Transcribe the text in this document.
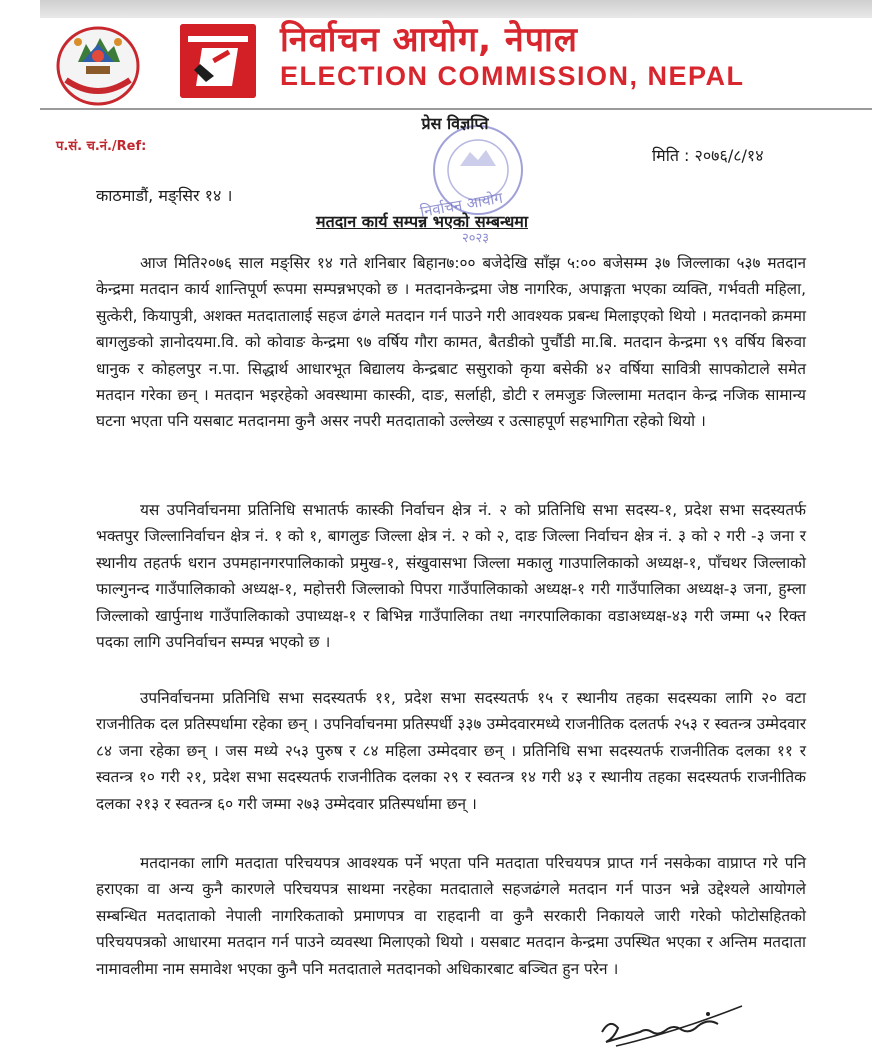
निर्वाचन आयोग, नेपाल
ELECTION COMMISSION, NEPAL
निर्वाचन आयोग
२०२३
प.सं. च.नं./Ref:
प्रेस विज्ञप्ति
मिति : २०७६/८/१४
काठमाडौं, मङ्सिर १४ ।
मतदान कार्य सम्पन्न भएको सम्बन्धमा

आज मिति२०७६ साल मङ्सिर १४ गते शनिबार बिहान७:०० बजेदेखि साँझ ५:०० बजेसम्म ३७ जिल्लाका ५३७ मतदान केन्द्रमा मतदान कार्य शान्तिपूर्ण रूपमा सम्पन्नभएको छ । मतदानकेन्द्रमा जेष्ठ नागरिक, अपाङ्गता भएका व्यक्ति, गर्भवती महिला, सुत्केरी, कियापुत्री, अशक्त मतदातालाई सहज ढंगले मतदान गर्न पाउने गरी आवश्यक प्रबन्ध मिलाइएको थियो । मतदानको क्रममा बागलुङको ज्ञानोदयमा.वि. को कोवाङ केन्द्रमा ९७ वर्षिय गौरा कामत, बैतडीको पुर्चौडी मा.बि. मतदान केन्द्रमा ९९ वर्षिय बिरुवा धानुक र कोहलपुर न.पा. सिद्धार्थ आधारभूत बिद्यालय केन्द्रबाट ससुराको कृया बसेकी ४२ वर्षिया सावित्री सापकोटाले समेत मतदान गरेका छन् । मतदान भइरहेको अवस्थामा कास्की, दाङ, सर्लाही, डोटी र लमजुङ जिल्लामा मतदान केन्द्र नजिक सामान्य घटना भएता पनि यसबाट मतदानमा कुनै असर नपरी मतदाताको उल्लेख्य र उत्साहपूर्ण सहभागिता रहेको थियो ।

यस उपनिर्वाचनमा प्रतिनिधि सभातर्फ कास्की निर्वाचन क्षेत्र नं. २ को प्रतिनिधि सभा सदस्य-१, प्रदेश सभा सदस्यतर्फ भक्तपुर जिल्लानिर्वाचन क्षेत्र नं. १ को १, बागलुङ जिल्ला क्षेत्र नं. २ को २, दाङ जिल्ला निर्वाचन क्षेत्र नं. ३ को २ गरी -३ जना र स्थानीय तहतर्फ धरान उपमहानगरपालिकाको प्रमुख-१, संखुवासभा जिल्ला मकालु गाउपालिकाको अध्यक्ष-१, पाँचथर जिल्लाको फाल्गुनन्द गाउँपालिकाको अध्यक्ष-१, महोत्तरी जिल्लाको पिपरा गाउँपालिकाको अध्यक्ष-१ गरी गाउँपालिका अध्यक्ष-३ जना, हुम्ला जिल्लाको खार्पुनाथ गाउँपालिकाको उपाध्यक्ष-१ र बिभिन्न गाउँपालिका तथा नगरपालिकाका वडाअध्यक्ष-४३ गरी जम्मा ५२ रिक्त पदका लागि उपनिर्वाचन सम्पन्न भएको छ ।

उपनिर्वाचनमा प्रतिनिधि सभा सदस्यतर्फ ११, प्रदेश सभा सदस्यतर्फ १५ र स्थानीय तहका सदस्यका लागि २० वटा राजनीतिक दल प्रतिस्पर्धामा रहेका छन् । उपनिर्वाचनमा प्रतिस्पर्धी ३३७ उम्मेदवारमध्ये राजनीतिक दलतर्फ २५३ र स्वतन्त्र उम्मेदवार ८४ जना रहेका छन् । जस मध्ये २५३ पुरुष र ८४ महिला उम्मेदवार छन् । प्रतिनिधि सभा सदस्यतर्फ राजनीतिक दलका ११ र स्वतन्त्र १० गरी २१, प्रदेश सभा सदस्यतर्फ राजनीतिक दलका २९ र स्वतन्त्र १४ गरी ४३ र स्थानीय तहका सदस्यतर्फ राजनीतिक दलका २१३ र स्वतन्त्र ६० गरी जम्मा २७३ उम्मेदवार प्रतिस्पर्धामा छन् ।

मतदानका लागि मतदाता परिचयपत्र आवश्यक पर्ने भएता पनि मतदाता परिचयपत्र प्राप्त गर्न नसकेका वाप्राप्त गरे पनि हराएका वा अन्य कुनै कारणले परिचयपत्र साथमा नरहेका मतदाताले सहजढंगले मतदान गर्न पाउन भन्ने उद्देश्यले आयोगले सम्बन्धित मतदाताको नेपाली नागरिकताको प्रमाणपत्र वा राहदानी वा कुनै सरकारी निकायले जारी गरेको फोटोसहितको परिचयपत्रको आधारमा मतदान गर्न पाउने व्यवस्था मिलाएको थियो । यसबाट मतदान केन्द्रमा उपस्थित भएका र अन्तिम मतदाता नामावलीमा नाम समावेश भएका कुनै पनि मतदाताले मतदानको अधिकारबाट बञ्चित हुन परेन ।
